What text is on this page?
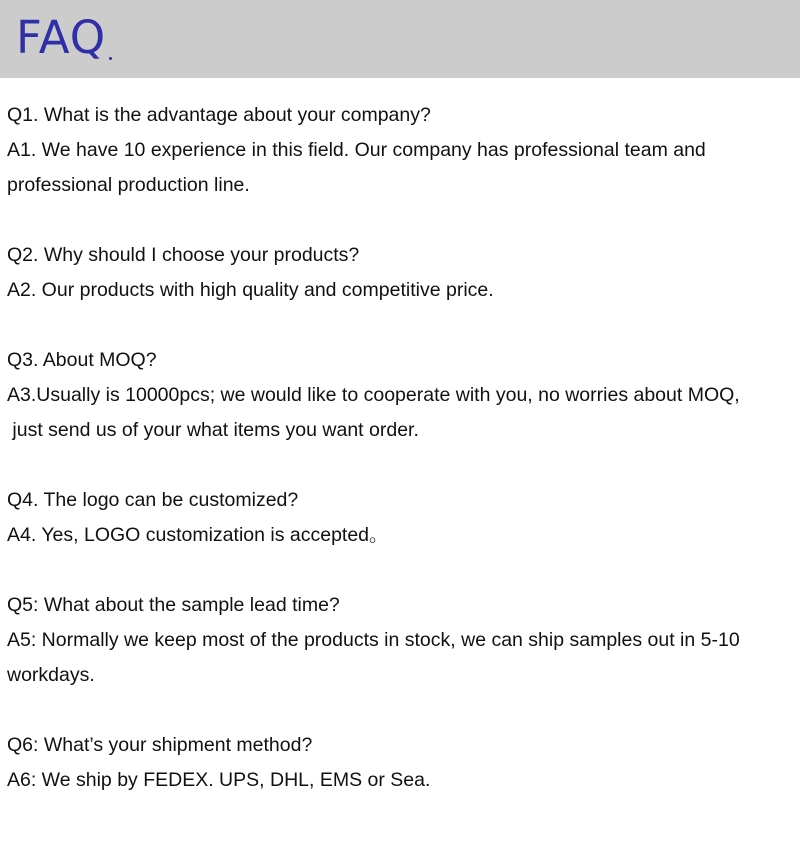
FAQ
Q1. What is the advantage about your company?
A1. We have 10 experience in this field. Our company has professional team and
professional production line.
Q2. Why should I choose your products?
A2. Our products with high quality and competitive price.
Q3. About MOQ?
A3.Usually is 10000pcs; we would like to cooperate with you, no worries about MOQ,
just send us of your what items you want order.
Q4. The logo can be customized?
A4. Yes, LOGO customization is accepted。
Q5: What about the sample lead time?
A5: Normally we keep most of the products in stock, we can ship samples out in 5-10
workdays.
Q6: What’s your shipment method?
A6: We ship by FEDEX. UPS, DHL, EMS or Sea.
